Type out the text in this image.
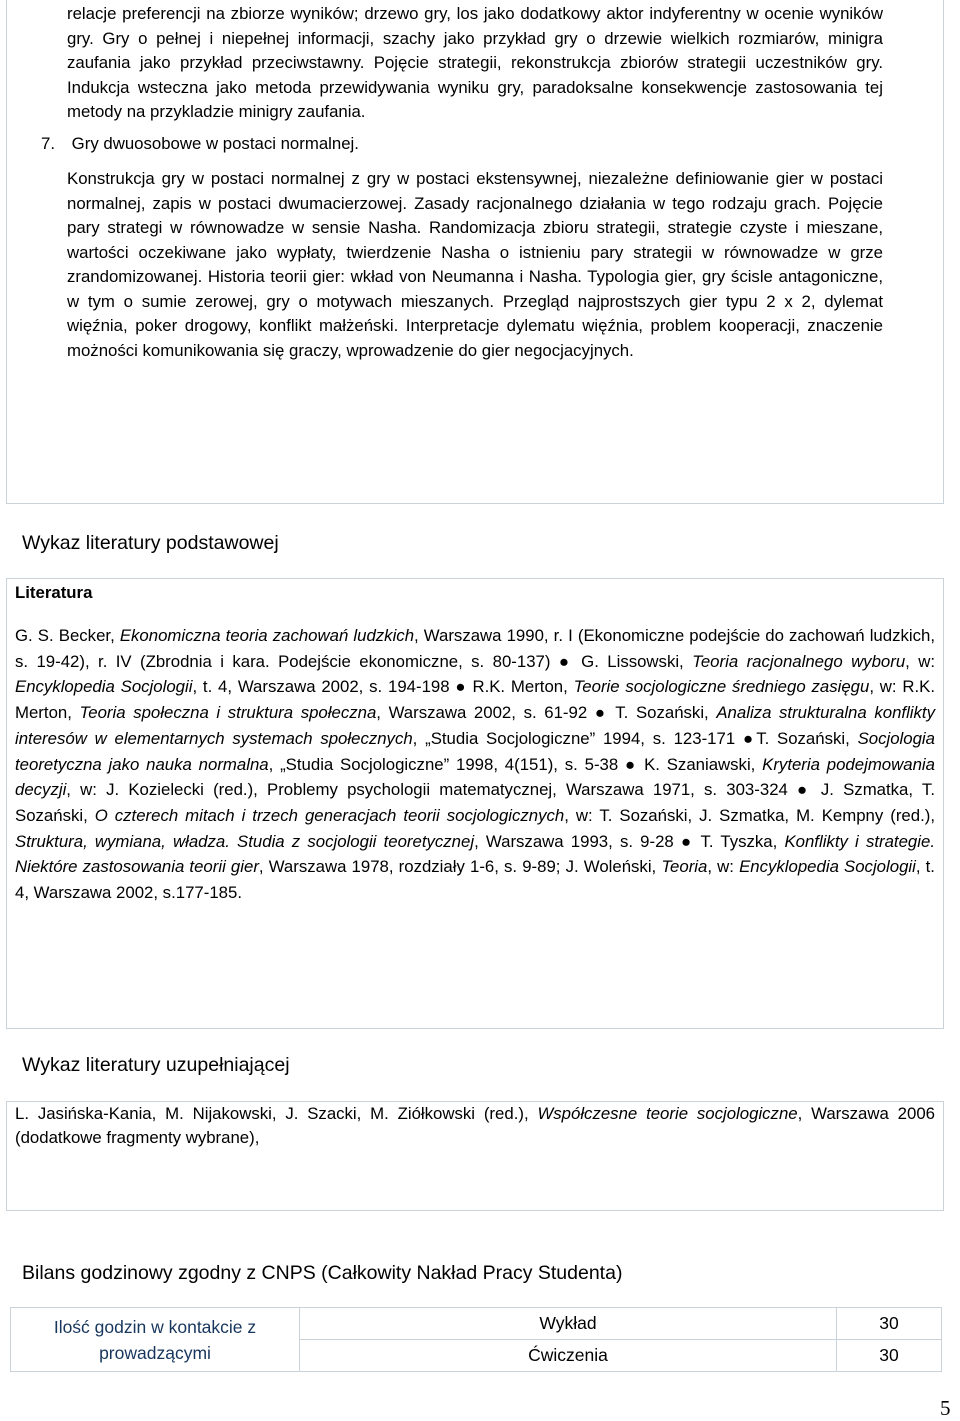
relacje preferencji na zbiorze wyników; drzewo gry, los jako dodatkowy aktor indyferentny w ocenie wyników gry. Gry o pełnej i niepełnej informacji, szachy jako przykład gry o drzewie wielkich rozmiarów, minigra zaufania jako przykład przeciwstawny. Pojęcie strategii, rekonstrukcja zbiorów strategii uczestników gry. Indukcja wsteczna jako metoda przewidywania wyniku gry, paradoksalne konsekwencje zastosowania tej metody na przykladzie minigry zaufania.

7. Gry dwuosobowe w postaci normalnej.

Konstrukcja gry w postaci normalnej z gry w postaci ekstensywnej, niezależne definiowanie gier w postaci normalnej, zapis w postaci dwumacierzowej. Zasady racjonalnego działania w tego rodzaju grach. Pojęcie pary strategi w równowadze w sensie Nasha. Randomizacja zbioru strategii, strategie czyste i mieszane, wartości oczekiwane jako wypłaty, twierdzenie Nasha o istnieniu pary strategii w równowadze w grze zrandomizowanej. Historia teorii gier: wkład von Neumanna i Nasha. Typologia gier, gry ścisle antagoniczne, w tym o sumie zerowej, gry o motywach mieszanych. Przegląd najprostszych gier typu 2 x 2, dylemat więźnia, poker drogowy, konflikt małżeński. Interpretacje dylematu więźnia, problem kooperacji, znaczenie możności komunikowania się graczy, wprowadzenie do gier negocjacyjnych.

Wykaz literatury podstawowej
Literatura

G. S. Becker, Ekonomiczna teoria zachowań ludzkich, Warszawa 1990, r. I (Ekonomiczne podejście do zachowań ludzkich, s. 19-42), r. IV (Zbrodnia i kara. Podejście ekonomiczne, s. 80-137) ● G. Lissowski, Teoria racjonalnego wyboru, w: Encyklopedia Socjologii, t. 4, Warszawa 2002, s. 194-198 ● R.K. Merton, Teorie socjologiczne średniego zasięgu, w: R.K. Merton, Teoria społeczna i struktura społeczna, Warszawa 2002, s. 61-92 ● T. Sozański, Analiza strukturalna konflikty interesów w elementarnych systemach społecznych, „Studia Socjologiczne” 1994, s. 123-171 ●T. Sozański, Socjologia teoretyczna jako nauka normalna, „Studia Socjologiczne” 1998, 4(151), s. 5-38 ● K. Szaniawski, Kryteria podejmowania decyzji, w: J. Kozielecki (red.), Problemy psychologii matematycznej, Warszawa 1971, s. 303-324 ● J. Szmatka, T. Sozański, O czterech mitach i trzech generacjach teorii socjologicznych, w: T. Sozański, J. Szmatka, M. Kempny (red.), Struktura, wymiana, władza. Studia z socjologii teoretycznej, Warszawa 1993, s. 9-28 ● T. Tyszka, Konflikty i strategie. Niektóre zastosowania teorii gier, Warszawa 1978, rozdziały 1-6, s. 9-89; J. Woleński, Teoria, w: Encyklopedia Socjologii, t. 4, Warszawa 2002, s.177-185.

Wykaz literatury uzupełniającej

L. Jasińska-Kania, M. Nijakowski, J. Szacki, M. Ziółkowski (red.), Współczesne teorie socjologiczne, Warszawa 2006 (dodatkowe fragmenty wybrane),

Bilans godzinowy zgodny z CNPS (Całkowity Nakład Pracy Studenta)
Ilość godzin w kontakcie z prowadzącymi	Wykład	30
	Ćwiczenia	30
5
